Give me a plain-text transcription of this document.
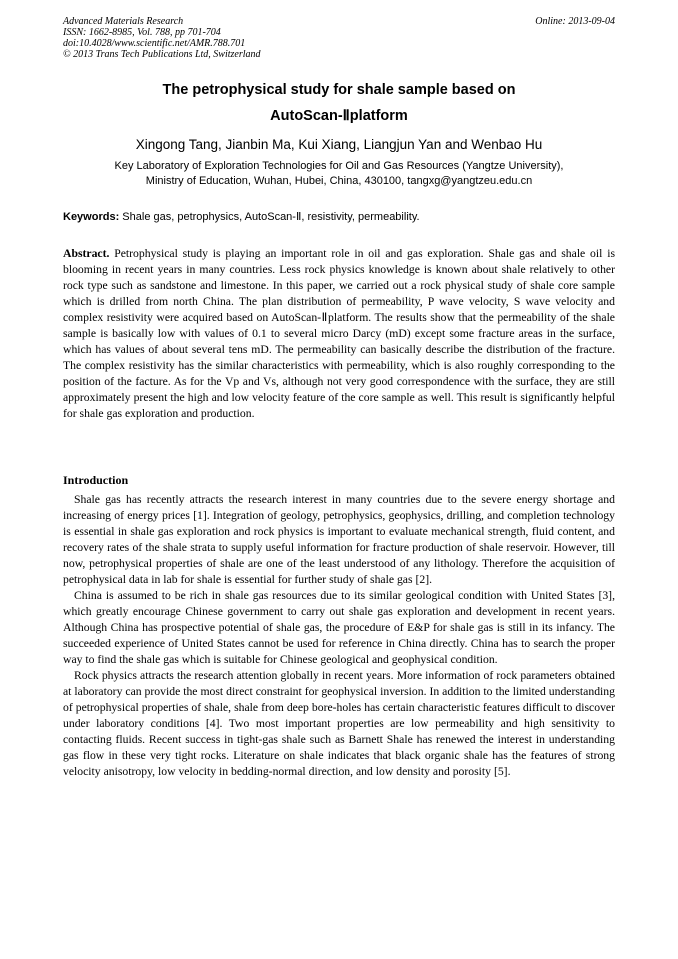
Advanced Materials Research
ISSN: 1662-8985, Vol. 788, pp 701-704
doi:10.4028/www.scientific.net/AMR.788.701
© 2013 Trans Tech Publications Ltd, Switzerland
Online: 2013-09-04
The petrophysical study for shale sample based on
AutoScan-Ⅱplatform
Xingong Tang, Jianbin Ma, Kui Xiang, Liangjun Yan and Wenbao Hu
Key Laboratory of Exploration Technologies for Oil and Gas Resources (Yangtze University),
Ministry of Education, Wuhan, Hubei, China, 430100, tangxg@yangtzeu.edu.cn
Keywords: Shale gas, petrophysics, AutoScan-Ⅱ, resistivity, permeability.

Abstract. Petrophysical study is playing an important role in oil and gas exploration. Shale gas and shale oil is blooming in recent years in many countries. Less rock physics knowledge is known about shale relatively to other rock type such as sandstone and limestone. In this paper, we carried out a rock physical study of shale core sample which is drilled from north China. The plan distribution of permeability, P wave velocity, S wave velocity and complex resistivity were acquired based on AutoScan-Ⅱplatform. The results show that the permeability of the shale sample is basically low with values of 0.1 to several micro Darcy (mD) except some fracture areas in the surface, which has values of about several tens mD. The permeability can basically describe the distribution of the fracture. The complex resistivity has the similar characteristics with permeability, which is also roughly corresponding to the position of the facture. As for the Vp and Vs, although not very good correspondence with the surface, they are still approximately present the high and low velocity feature of the core sample as well. This result is significantly helpful for shale gas exploration and production.

Introduction

Shale gas has recently attracts the research interest in many countries due to the severe energy shortage and increasing of energy prices [1]. Integration of geology, petrophysics, geophysics, drilling, and completion technology is essential in shale gas exploration and rock physics is important to evaluate mechanical strength, fluid content, and recovery rates of the shale strata to supply useful information for fracture production of shale reservoir. However, till now, petrophysical properties of shale are one of the least understood of any lithology. Therefore the acquisition of petrophysical data in lab for shale is essential for further study of shale gas [2].

China is assumed to be rich in shale gas resources due to its similar geological condition with United States [3], which greatly encourage Chinese government to carry out shale gas exploration and development in recent years. Although China has prospective potential of shale gas, the procedure of E&P for shale gas is still in its infancy. The succeeded experience of United States cannot be used for reference in China directly. China has to search the proper way to find the shale gas which is suitable for Chinese geological and geophysical condition.

Rock physics attracts the research attention globally in recent years. More information of rock parameters obtained at laboratory can provide the most direct constraint for geophysical inversion. In addition to the limited understanding of petrophysical properties of shale, shale from deep bore-holes has certain characteristic features difficult to discover under laboratory conditions [4]. Two most important properties are low permeability and high sensitivity to contacting fluids. Recent success in tight-gas shale such as Barnett Shale has renewed the interest in understanding gas flow in these very tight rocks. Literature on shale indicates that black organic shale has the features of strong velocity anisotropy, low velocity in bedding-normal direction, and low density and porosity [5].
